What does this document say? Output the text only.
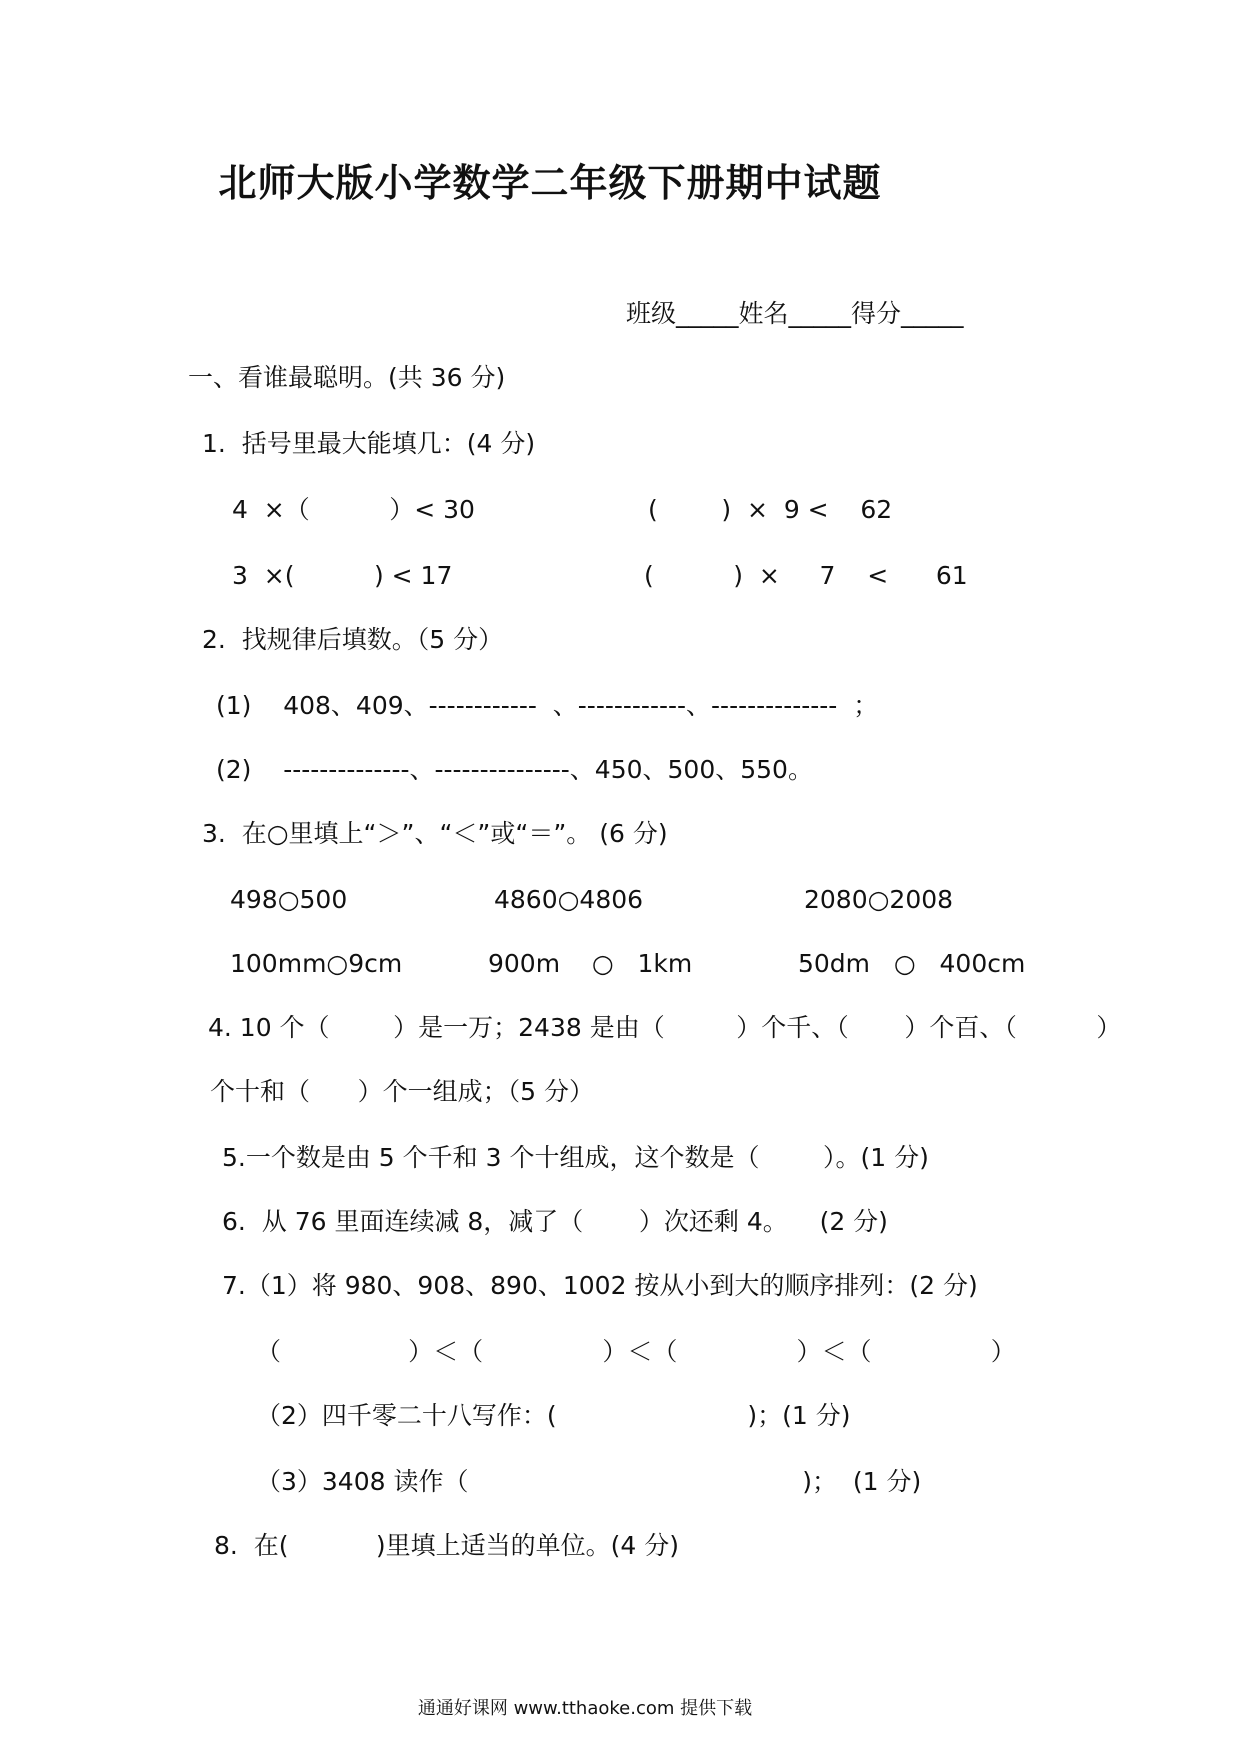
北师大版小学数学二年级下册期中试题
班级_____姓名_____得分_____
一、看谁最聪明。(共 36 分)
1.  括号里最大能填几：(4 分)
4  ×（          ）< 30	(        )  ×  9 <    62
3  ×(          ) < 17	(          )  ×     7    <      61
2.  找规律后填数。（5 分）
(1)    408、409、------------  、------------、--------------  ；
(2)    --------------、---------------、450、500、550。
3.  在○里填上“＞”、“＜”或“＝”。 (6 分)
498○500	4860○4806	2080○2008
100mm○9cm	900m    ○   1km	50dm   ○   400cm
4. 10 个（        ）是一万；2438 是由（         ）个千、（       ）个百、（          ）
个十和（      ）个一组成；（5 分）
5.一个数是由 5 个千和 3 个十组成，这个数是（        ）。(1 分)
6.  从 76 里面连续减 8，减了（       ）次还剩 4。    (2 分)
7.（1）将 980、908、890、1002 按从小到大的顺序排列：(2 分)
（                ）＜（               ）＜（               ）＜（               ）
（2）四千零二十八写作：(                        )；(1 分)
（3）3408 读作（                                          )；  (1 分)
8.  在(           )里填上适当的单位。(4 分)
通通好课网 www.tthaoke.com 提供下载
